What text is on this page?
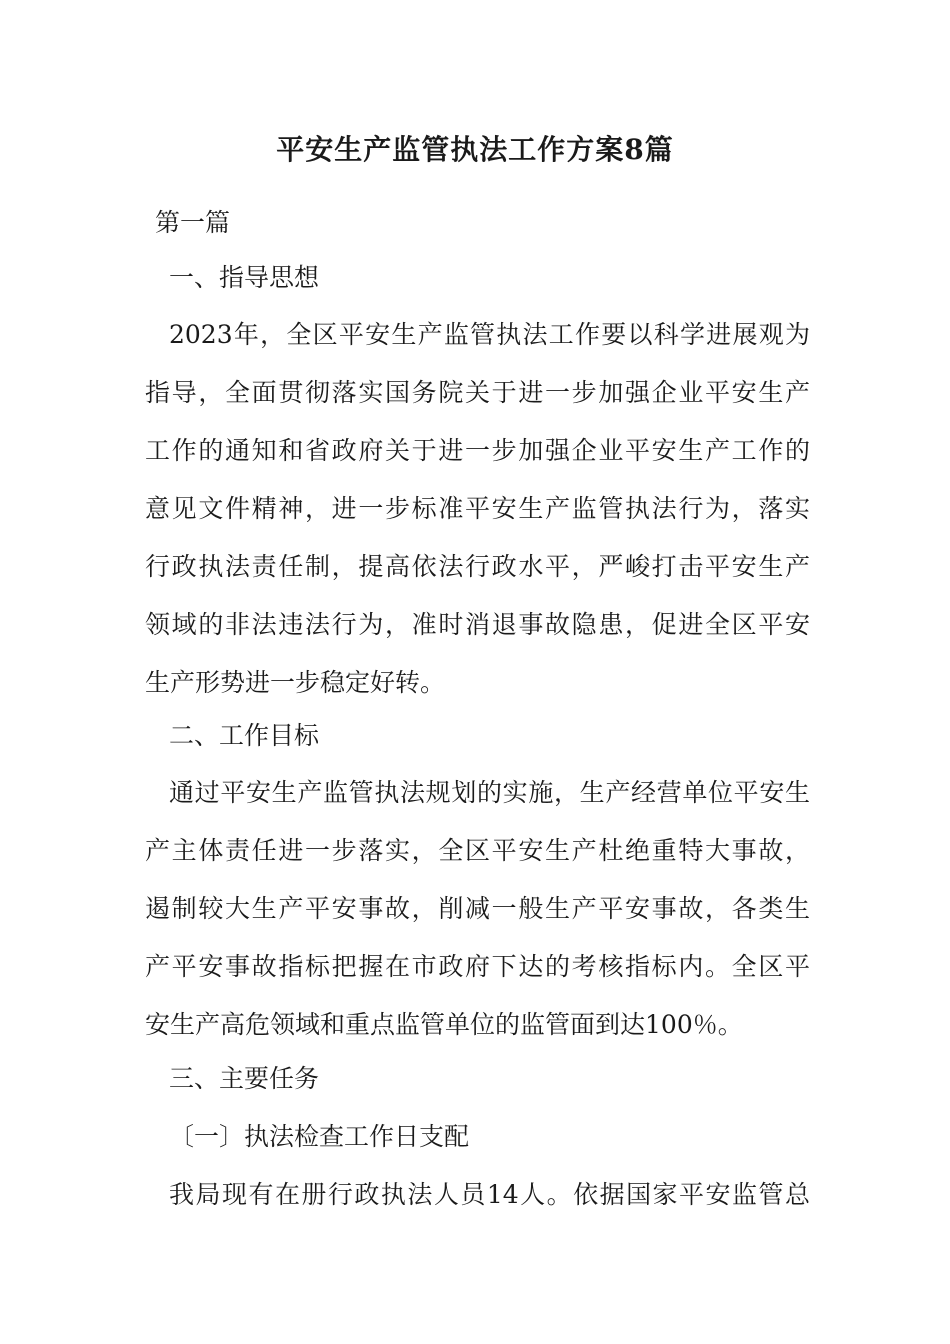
平安生产监管执法工作方案8篇

第一篇

一、指导思想

2023年，全区平安生产监管执法工作要以科学进展观为

指导，全面贯彻落实国务院关于进一步加强企业平安生产

工作的通知和省政府关于进一步加强企业平安生产工作的

意见文件精神，进一步标准平安生产监管执法行为，落实

行政执法责任制，提高依法行政水平，严峻打击平安生产

领域的非法违法行为，准时消退事故隐患，促进全区平安

生产形势进一步稳定好转。

二、工作目标

通过平安生产监管执法规划的实施，生产经营单位平安生

产主体责任进一步落实，全区平安生产杜绝重特大事故，

遏制较大生产平安事故，削减一般生产平安事故，各类生

产平安事故指标把握在市政府下达的考核指标内。全区平

安生产高危领域和重点监管单位的监管面到达100％。

三、主要任务

〔一〕执法检查工作日支配

我局现有在册行政执法人员14人。依据国家平安监管总
